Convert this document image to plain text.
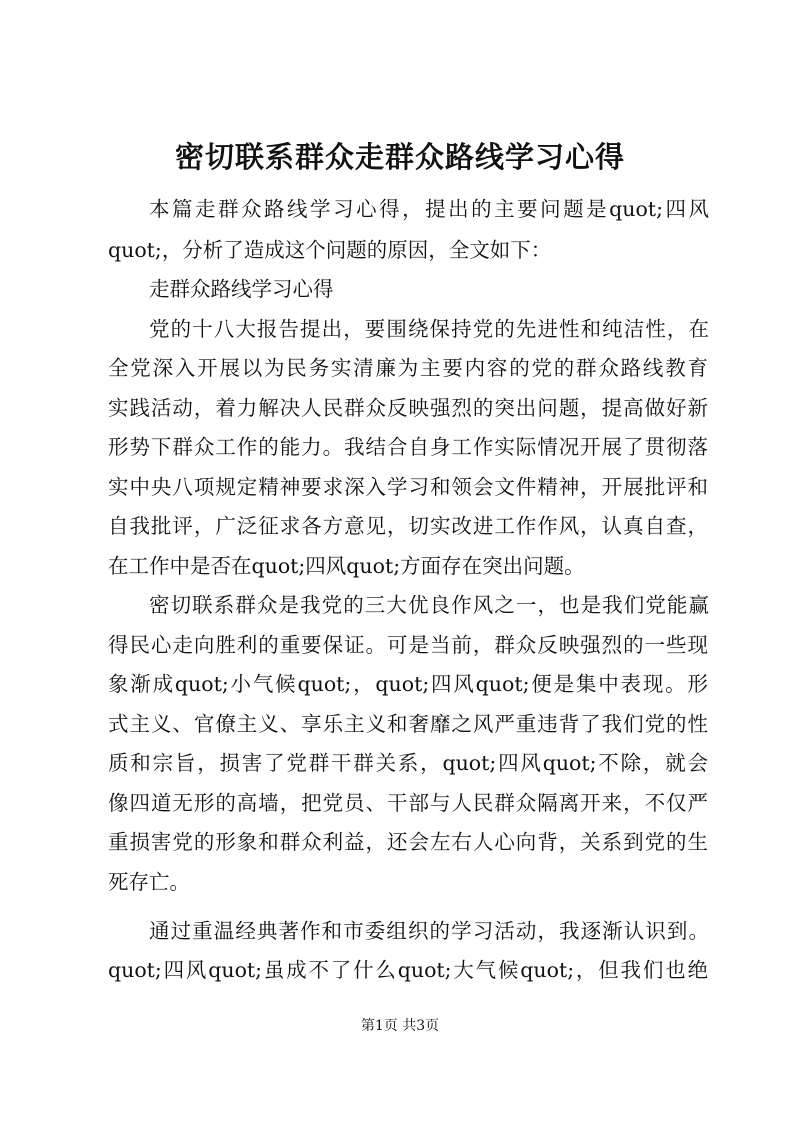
密切联系群众走群众路线学习心得
本篇走群众路线学习心得，提出的主要问题是quot;四风
quot;，分析了造成这个问题的原因，全文如下：
走群众路线学习心得
党的十八大报告提出，要围绕保持党的先进性和纯洁性，在
全党深入开展以为民务实清廉为主要内容的党的群众路线教育
实践活动，着力解决人民群众反映强烈的突出问题，提高做好新
形势下群众工作的能力。我结合自身工作实际情况开展了贯彻落
实中央八项规定精神要求深入学习和领会文件精神，开展批评和
自我批评，广泛征求各方意见，切实改进工作作风，认真自查，
在工作中是否在quot;四风quot;方面存在突出问题。
密切联系群众是我党的三大优良作风之一，也是我们党能赢
得民心走向胜利的重要保证。可是当前，群众反映强烈的一些现
象渐成quot;小气候quot;，quot;四风quot;便是集中表现。形
式主义、官僚主义、享乐主义和奢靡之风严重违背了我们党的性
质和宗旨，损害了党群干群关系，quot;四风quot;不除，就会
像四道无形的高墙，把党员、干部与人民群众隔离开来，不仅严
重损害党的形象和群众利益，还会左右人心向背，关系到党的生
死存亡。
通过重温经典著作和市委组织的学习活动，我逐渐认识到。
quot;四风quot;虽成不了什么quot;大气候quot;，但我们也绝
第1页 共3页
